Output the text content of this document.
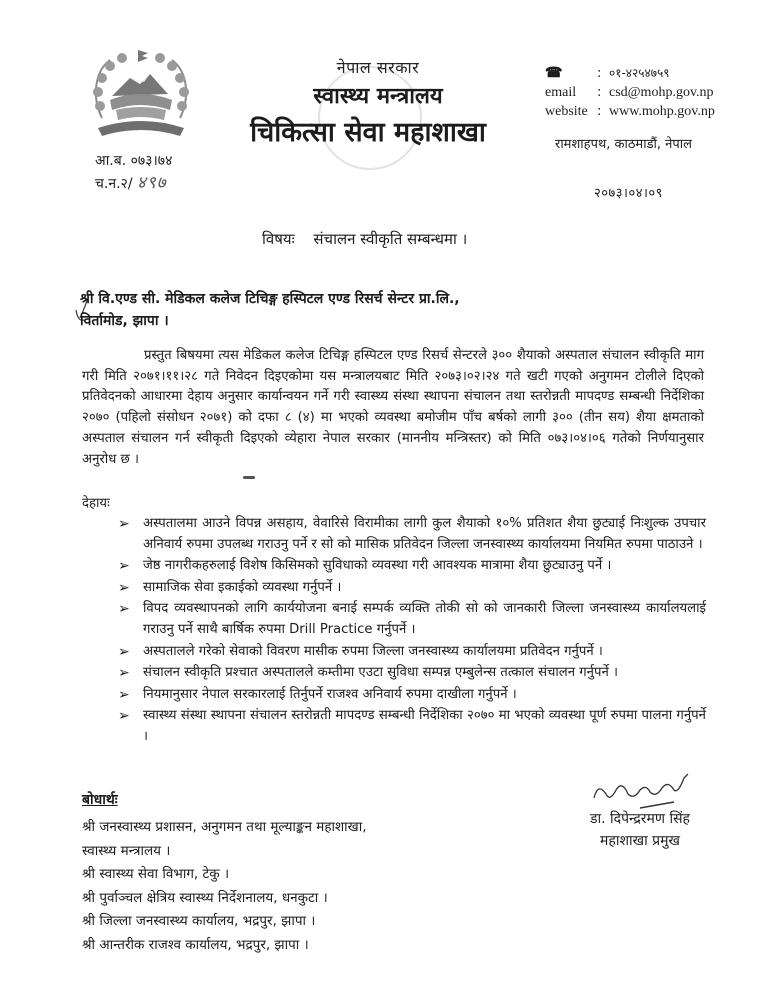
नेपाल सरकार
स्वास्थ्य मन्त्रालय
चिकित्सा सेवा महाशाखा
☎	: ०१-४२५४७५९
email	: csd@mohp.gov.np
website : www.mohp.gov.np
रामशाहपथ, काठमाडौं, नेपाल
आ.ब. ०७३।७४
च.न.२/ ४९७
२०७३।०४।०९
विषयः संचालन स्वीकृति सम्बन्धमा ।
श्री वि.एण्ड सी. मेडिकल कलेज टिचिङ्ग हस्पिटल एण्ड रिसर्च सेन्टर प्रा.लि.,
विर्तामोड, झापा ।
प्रस्तुत बिषयमा त्यस मेडिकल कलेज टिचिङ्ग हस्पिटल एण्ड रिसर्च सेन्टरले ३०० शैयाको अस्पताल संचालन स्वीकृति माग गरी मिति २०७१।११।२८ गते निवेदन दिइएकोमा यस मन्त्रालयबाट मिति २०७३।०२।२४ गते खटी गएको अनुगमन टोलीले दिएको प्रतिवेदनको आधारमा देहाय अनुसार कार्यान्वयन गर्ने गरी स्वास्थ्य संस्था स्थापना संचालन तथा स्तरोन्नती मापदण्ड सम्बन्धी निर्देशिका २०७० (पहिलो संसोधन २०७१) को दफा ८ (४) मा भएको व्यवस्था बमोजीम पाँच बर्षको लागी ३०० (तीन सय) शैया क्षमताको अस्पताल संचालन गर्न स्वीकृती दिइएको व्येहारा नेपाल सरकार (माननीय मन्त्रिस्तर) को मिति ०७३।०४।०६ गतेको निर्णयानुसार अनुरोध छ ।
देहायः
➢ अस्पतालमा आउने विपन्न असहाय, वेवारिसे विरामीका लागी कुल शैयाको १०% प्रतिशत शैया छुट्याई निःशुल्क उपचार अनिवार्य रुपमा उपलब्ध गराउनु पर्ने र सो को मासिक प्रतिवेदन जिल्ला जनस्वास्थ्य कार्यालयमा नियमित रुपमा पाठाउने ।
➢ जेष्ठ नागरीकहरुलाई विशेष किसिमको सुविधाको व्यवस्था गरी आवश्यक मात्रामा शैया छुट्याउनु पर्ने ।
➢ सामाजिक सेवा इकाईको व्यवस्था गर्नुपर्ने ।
➢ विपद व्यवस्थापनको लागि कार्ययोजना बनाई सम्पर्क व्यक्ति तोकी सो को जानकारी जिल्ला जनस्वास्थ्य कार्यालयलाई गराउनु पर्ने साथै बार्षिक रुपमा Drill Practice गर्नुपर्ने ।
➢ अस्पतालले गरेको सेवाको विवरण मासीक रुपमा जिल्ला जनस्वास्थ्य कार्यालयमा प्रतिवेदन गर्नुपर्ने ।
➢ संचालन स्वीकृति प्रश्चात अस्पतालले कम्तीमा एउटा सुविधा सम्पन्न एम्बुलेन्स तत्काल संचालन गर्नुपर्ने ।
➢ नियमानुसार नेपाल सरकारलाई तिर्नुपर्ने राजश्व अनिवार्य रुपमा दाखीला गर्नुपर्ने ।
➢ स्वास्थ्य संस्था स्थापना संचालन स्तरोन्नती मापदण्ड सम्बन्धी निर्देशिका २०७० मा भएको व्यवस्था पूर्ण रुपमा पालना गर्नुपर्ने ।
डा. दिपेन्द्ररमण सिंह
महाशाखा प्रमुख
बोधार्थः
श्री जनस्वास्थ्य प्रशासन, अनुगमन तथा मूल्याङ्कन महाशाखा,
स्वास्थ्य मन्त्रालय ।
श्री स्वास्थ्य सेवा विभाग, टेकु ।
श्री पुर्वाञ्चल क्षेत्रिय स्वास्थ्य निर्देशनालय, धनकुटा ।
श्री जिल्ला जनस्वास्थ्य कार्यालय, भद्रपुर, झापा ।
श्री आन्तरीक राजश्व कार्यालय, भद्रपुर, झापा ।
